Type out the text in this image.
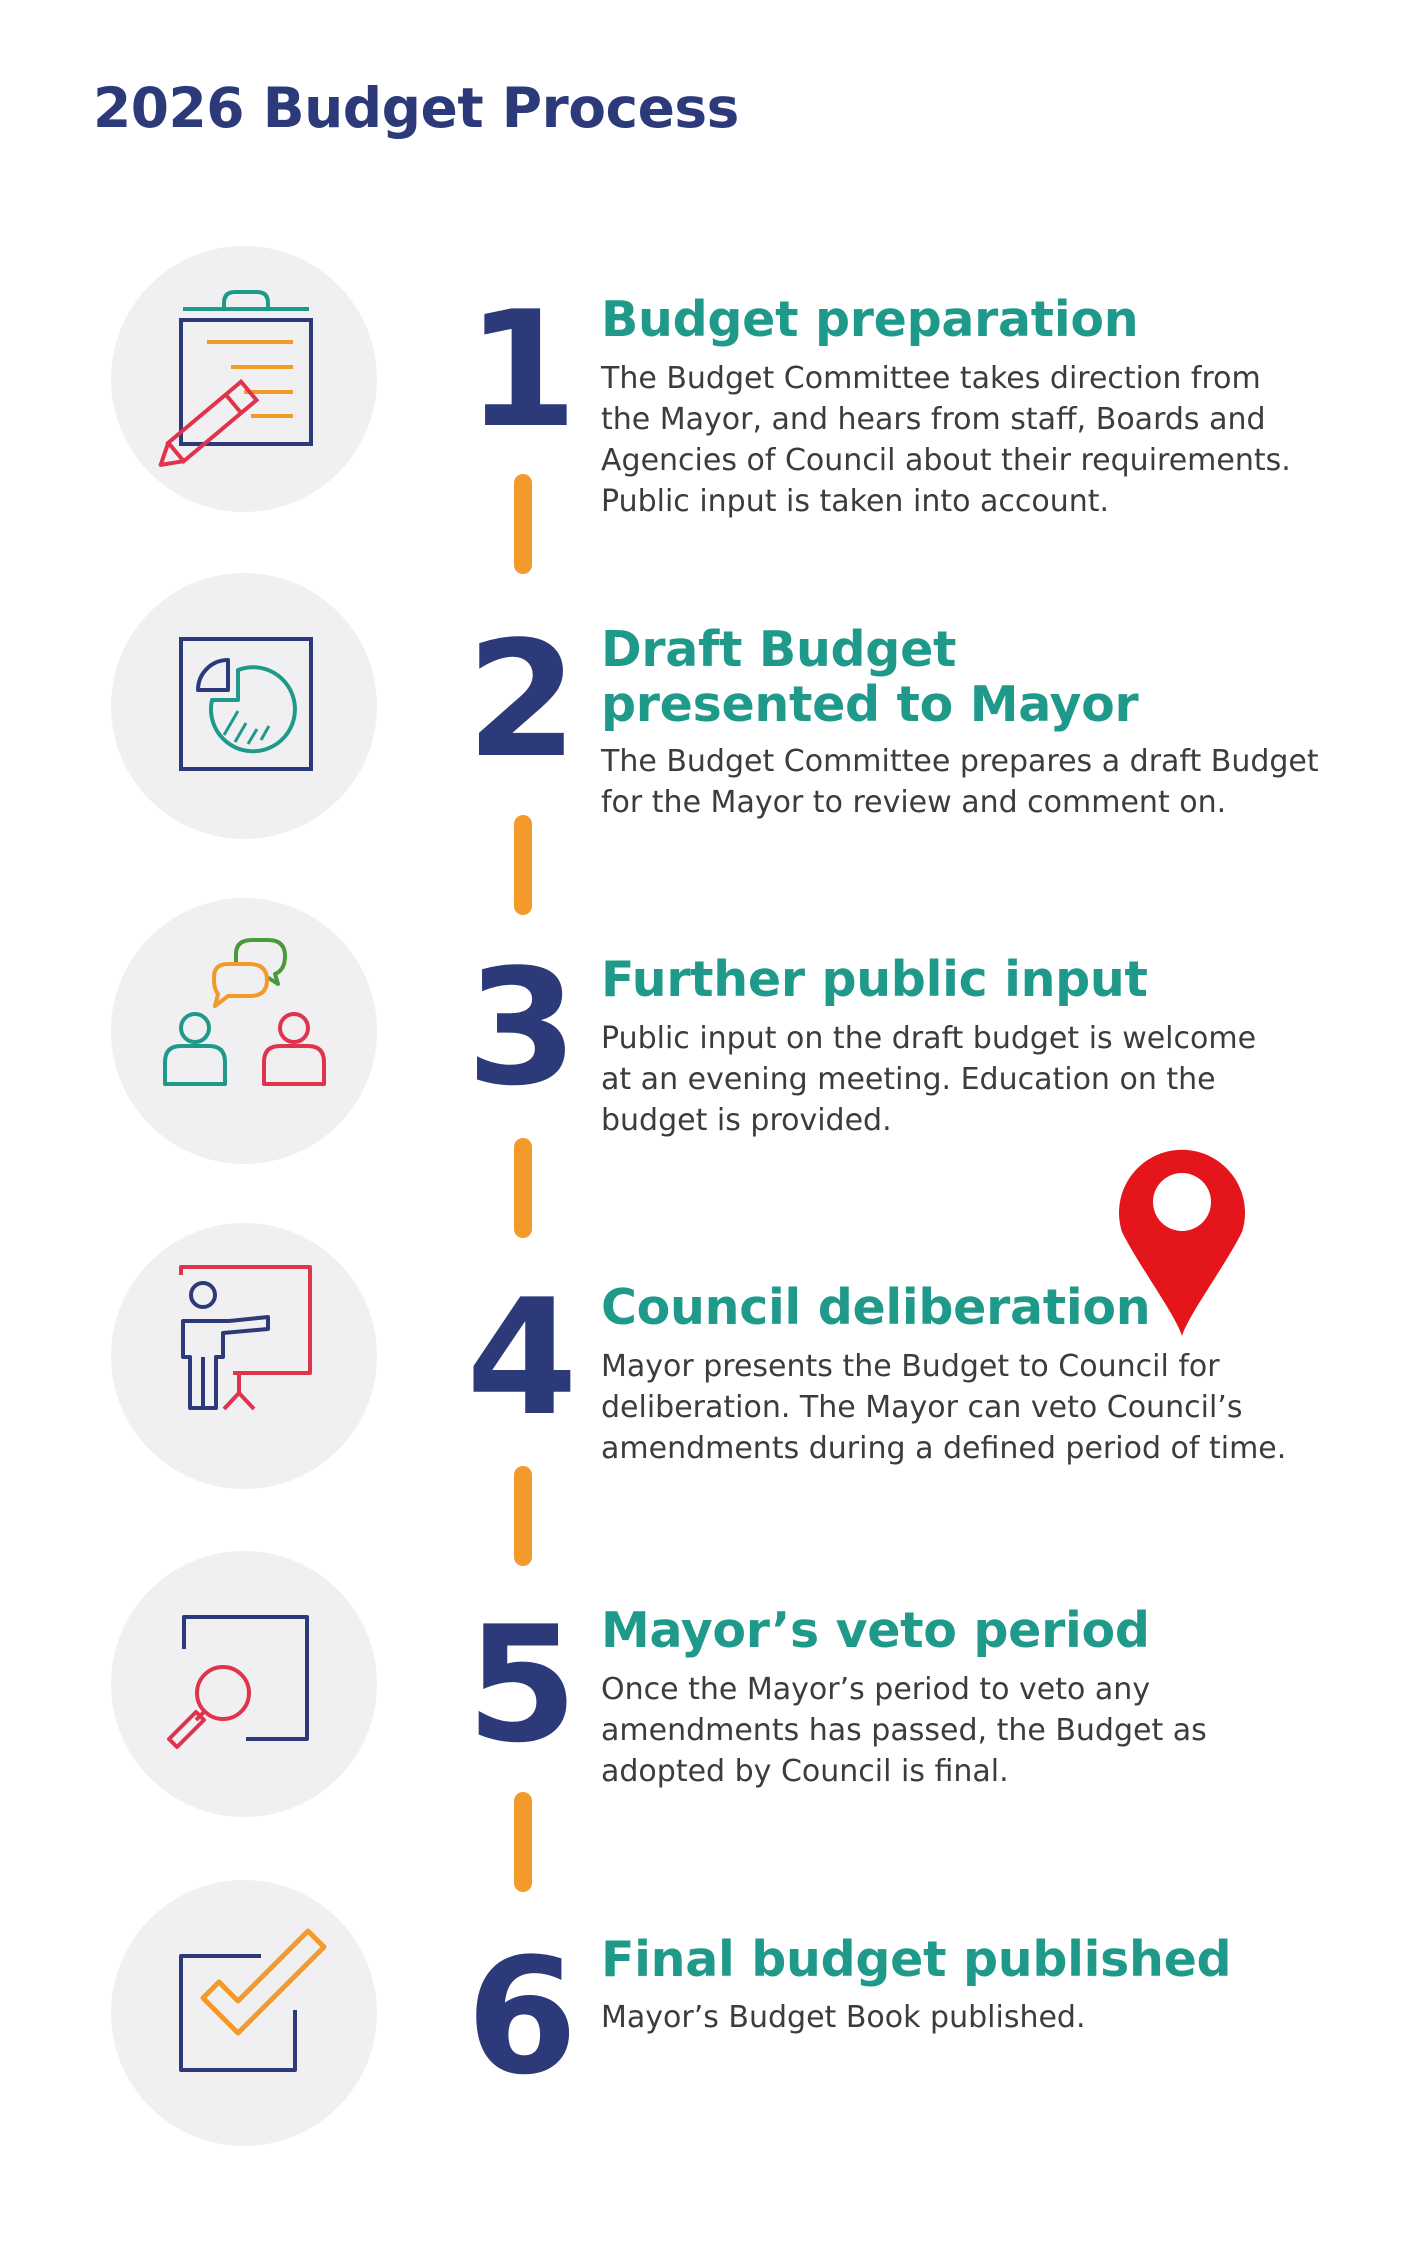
2026 Budget Process
1 Budget preparation

The Budget Committee takes direction from
the Mayor, and hears from staff, Boards and
Agencies of Council about their requirements.
Public input is taken into account.

2 Draft Budget
presented to Mayor

The Budget Committee prepares a draft Budget
for the Mayor to review and comment on.

3 Further public input

Public input on the draft budget is welcome
at an evening meeting. Education on the
budget is provided.

4 Council deliberation

Mayor presents the Budget to Council for
deliberation. The Mayor can veto Council’s
amendments during a defined period of time.

5 Mayor’s veto period

Once the Mayor’s period to veto any
amendments has passed, the Budget as
adopted by Council is final.

6 Final budget published

Mayor’s Budget Book published.
